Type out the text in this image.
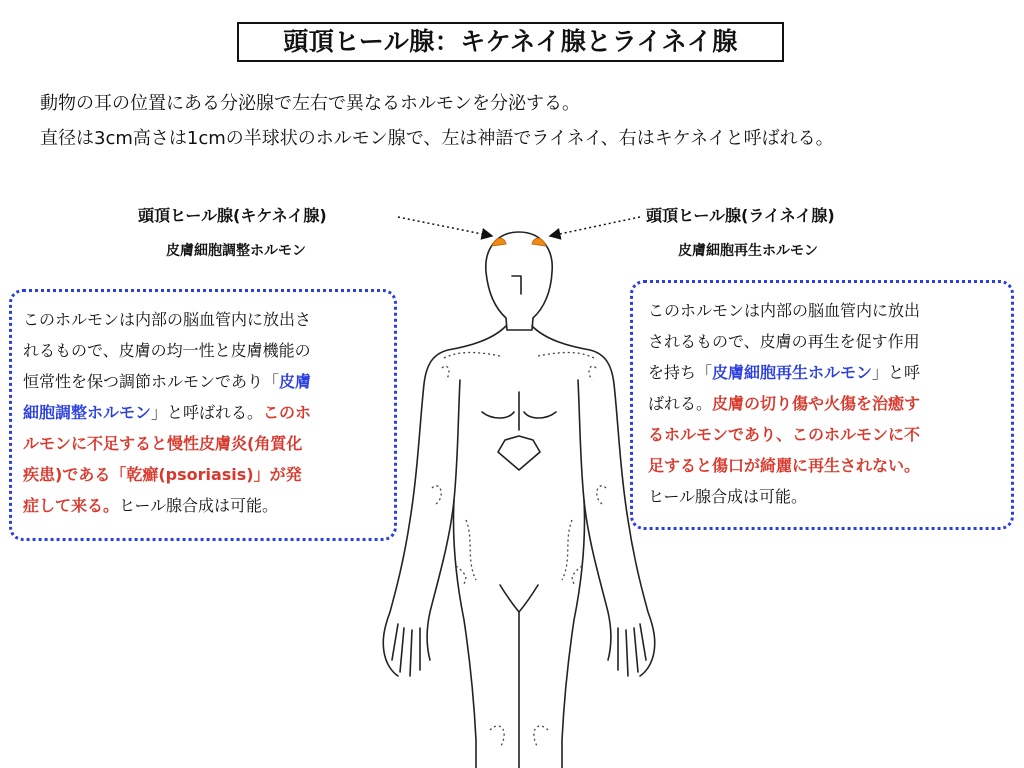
頭頂ヒール腺：キケネイ腺とライネイ腺
動物の耳の位置にある分泌腺で左右で異なるホルモンを分泌する。
直径は3cm高さは1cmの半球状のホルモン腺で、左は神語でライネイ、右はキケネイと呼ばれる。
頭頂ヒール腺(キケネイ腺)
皮膚細胞調整ホルモン
頭頂ヒール腺(ライネイ腺)
皮膚細胞再生ホルモン
このホルモンは内部の脳血管内に放出さ
れるもので、皮膚の均一性と皮膚機能の
恒常性を保つ調節ホルモンであり「皮膚
細胞調整ホルモン」と呼ばれる。このホ
ルモンに不足すると慢性皮膚炎(角質化
疾患)である「乾癬(psoriasis)」が発
症して来る。ヒール腺合成は可能。
このホルモンは内部の脳血管内に放出
されるもので、皮膚の再生を促す作用
を持ち「皮膚細胞再生ホルモン」と呼
ばれる。皮膚の切り傷や火傷を治癒す
るホルモンであり、このホルモンに不
足すると傷口が綺麗に再生されない。
ヒール腺合成は可能。
